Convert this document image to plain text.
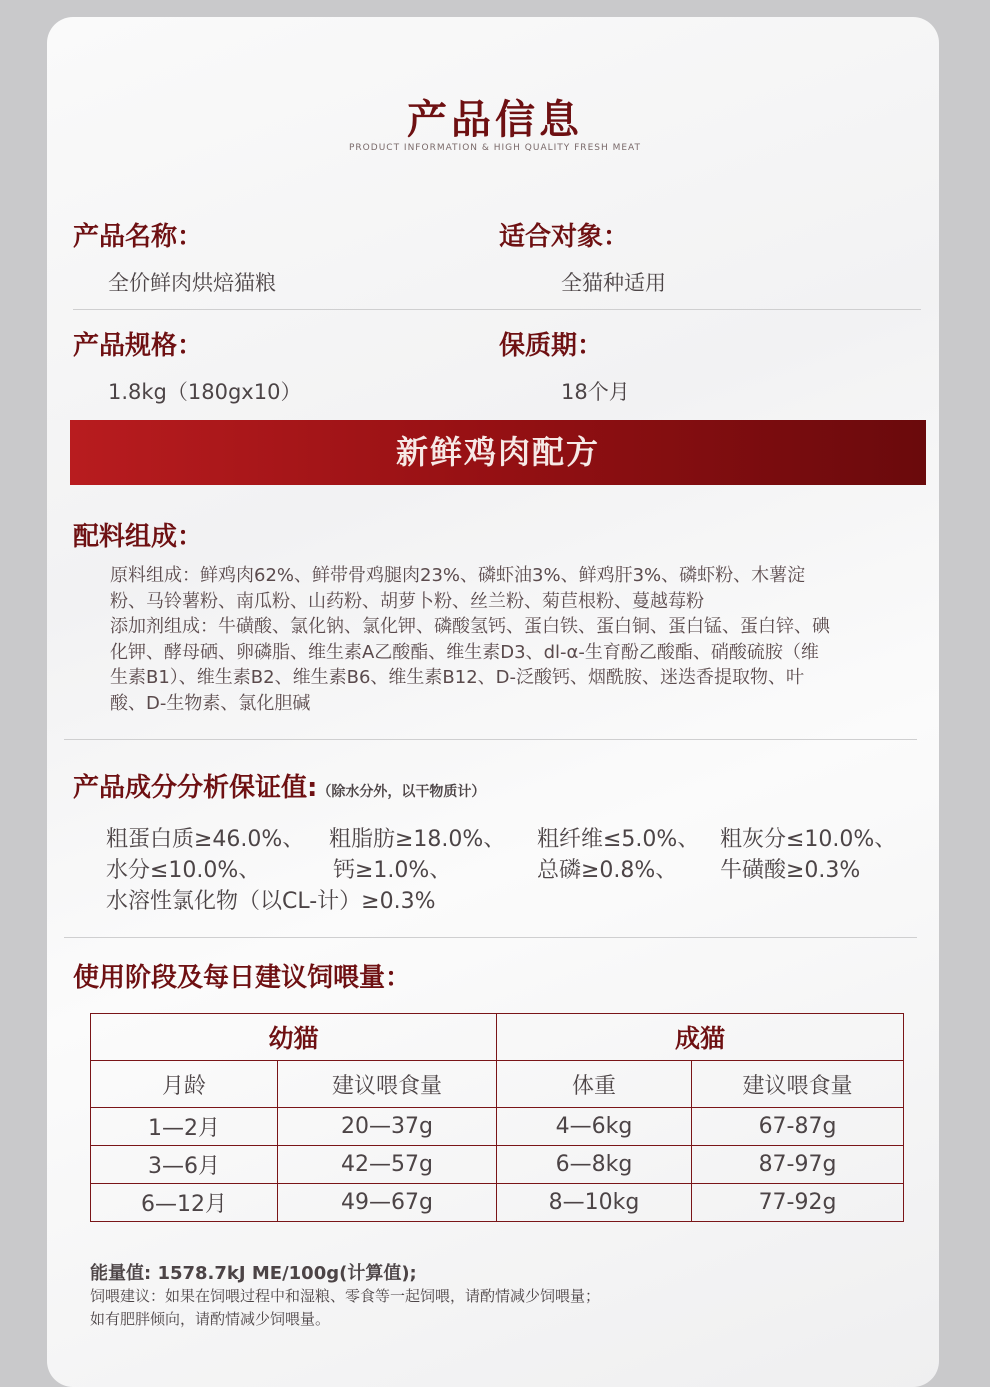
产品信息
PRODUCT INFORMATION & HIGH QUALITY FRESH MEAT
产品名称：
全价鲜肉烘焙猫粮
适合对象：
全猫种适用
产品规格：
1.8kg（180gx10）
保质期：
18个月
新鲜鸡肉配方
配料组成：
原料组成：鲜鸡肉62%、鲜带骨鸡腿肉23%、磷虾油3%、鲜鸡肝3%、磷虾粉、木薯淀
粉、马铃薯粉、南瓜粉、山药粉、胡萝卜粉、丝兰粉、菊苣根粉、蔓越莓粉
添加剂组成：牛磺酸、氯化钠、氯化钾、磷酸氢钙、蛋白铁、蛋白铜、蛋白锰、蛋白锌、碘
化钾、酵母硒、卵磷脂、维生素A乙酸酯、维生素D3、dl-α-生育酚乙酸酯、硝酸硫胺（维
生素B1）、维生素B2、维生素B6、维生素B12、D-泛酸钙、烟酰胺、迷迭香提取物、叶
酸、D-生物素、氯化胆碱
产品成分分析保证值:（除水分外，以干物质计）
粗蛋白质≥46.0%、 粗脂肪≥18.0%、 粗纤维≤5.0%、 粗灰分≤10.0%、
水分≤10.0%、	钙≥1.0%、	总磷≥0.8%、 牛磺酸≥0.3%
水溶性氯化物（以CL-计）≥0.3%
使用阶段及每日建议饲喂量：
幼猫		成猫	
月龄	建议喂食量	体重	建议喂食量
1—2月	20—37g	4—6kg	67-87g
3—6月	42—57g	6—8kg	87-97g
6—12月	49—67g	8—10kg	77-92g
能量值: 1578.7kJ ME/100g(计算值);
饲喂建议：如果在饲喂过程中和湿粮、零食等一起饲喂，请酌情减少饲喂量；
如有肥胖倾向，请酌情减少饲喂量。
